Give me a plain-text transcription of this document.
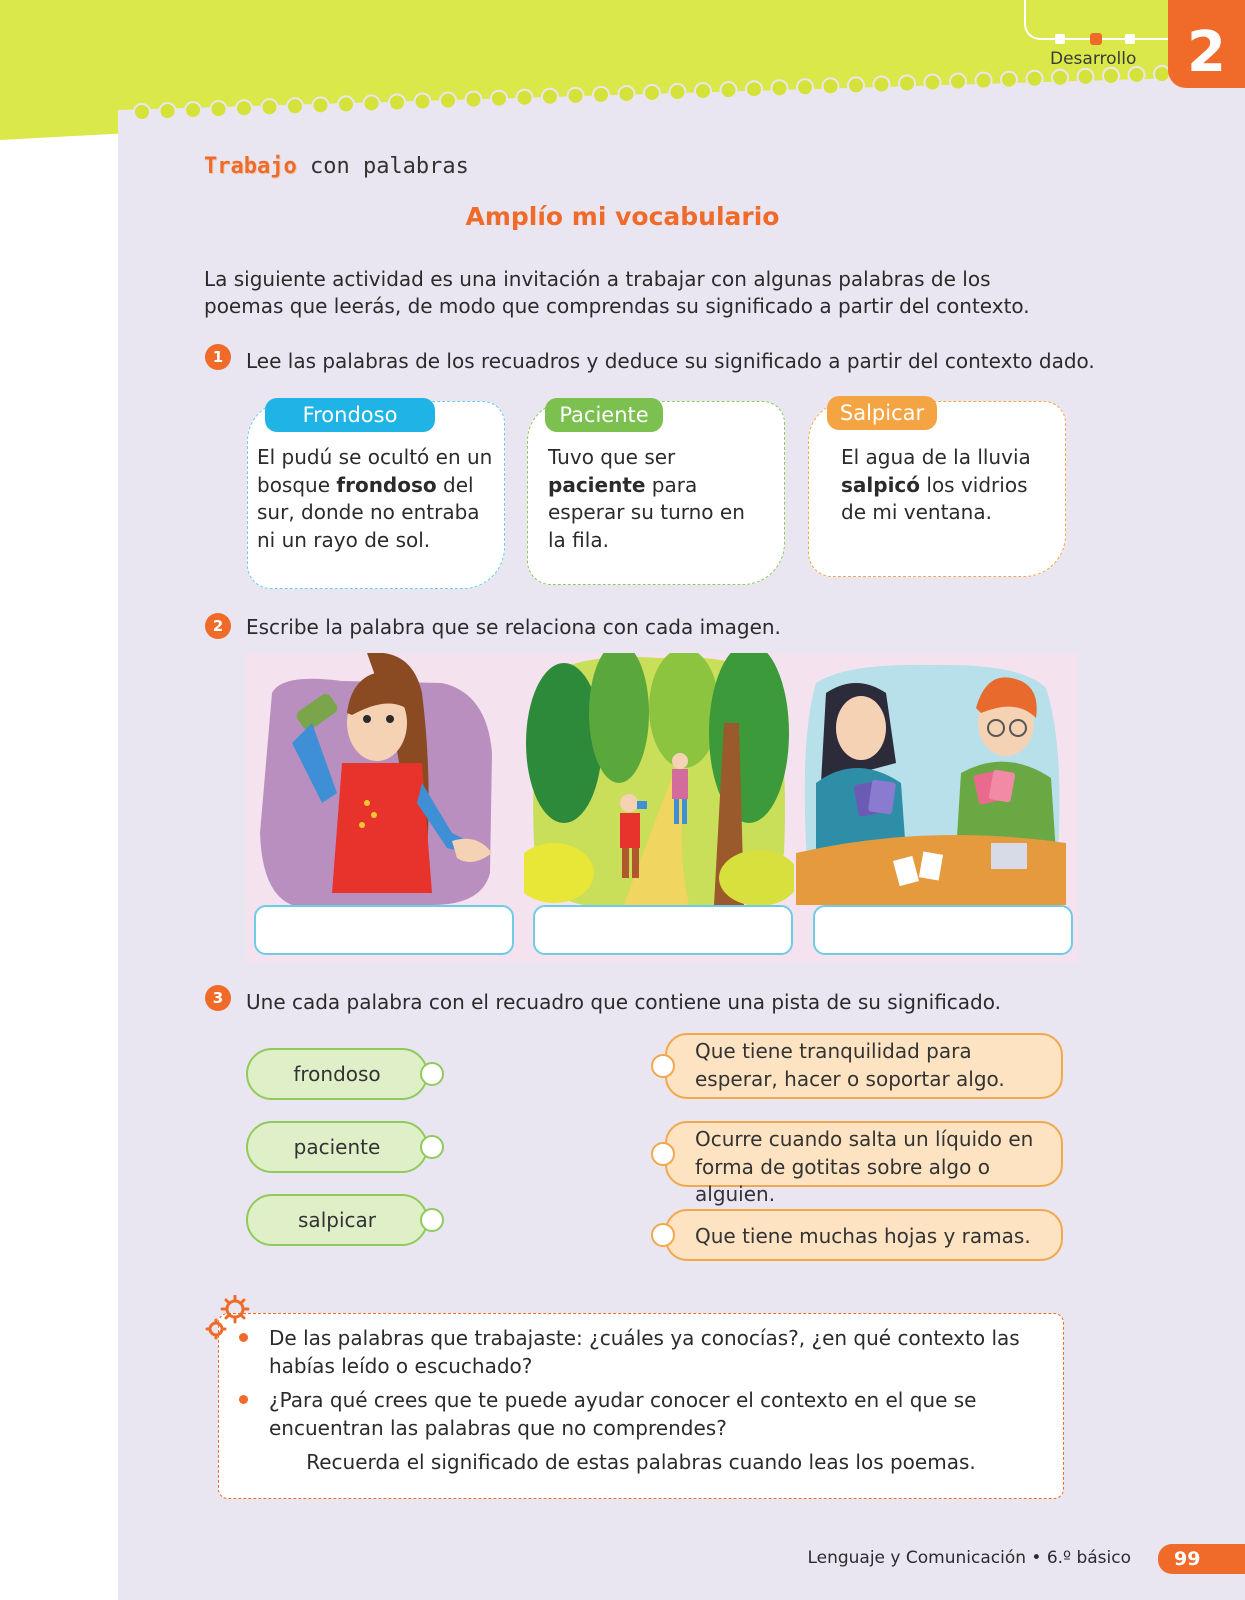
Desarrollo 2
Trabajo con palabras
Amplío mi vocabulario
La siguiente actividad es una invitación a trabajar con algunas palabras de los poemas que leerás, de modo que comprendas su significado a partir del contexto.
1	Lee las palabras de los recuadros y deduce su significado a partir del contexto dado.
El pudú se ocultó en un bosque frondoso del sur, donde no entraba ni un rayo de sol.
Frondoso
Tuvo que ser paciente para esperar su turno en la fila.
Paciente
El agua de la lluvia salpicó los vidrios de mi ventana.
Salpicar
2	Escribe la palabra que se relaciona con cada imagen.
3	Une cada palabra con el recuadro que contiene una pista de su significado.
frondoso
paciente
salpicar
Que tiene tranquilidad para esperar, hacer o soportar algo.
Ocurre cuando salta un líquido en forma de gotitas sobre algo o alguien.
Que tiene muchas hojas y ramas.
De las palabras que trabajaste: ¿cuáles ya conocías?, ¿en qué contexto las habías leído o escuchado?
¿Para qué crees que te puede ayudar conocer el contexto en el que se encuentran las palabras que no comprendes?
Recuerda el significado de estas palabras cuando leas los poemas.
Lenguaje y Comunicación • 6.º básico	99
